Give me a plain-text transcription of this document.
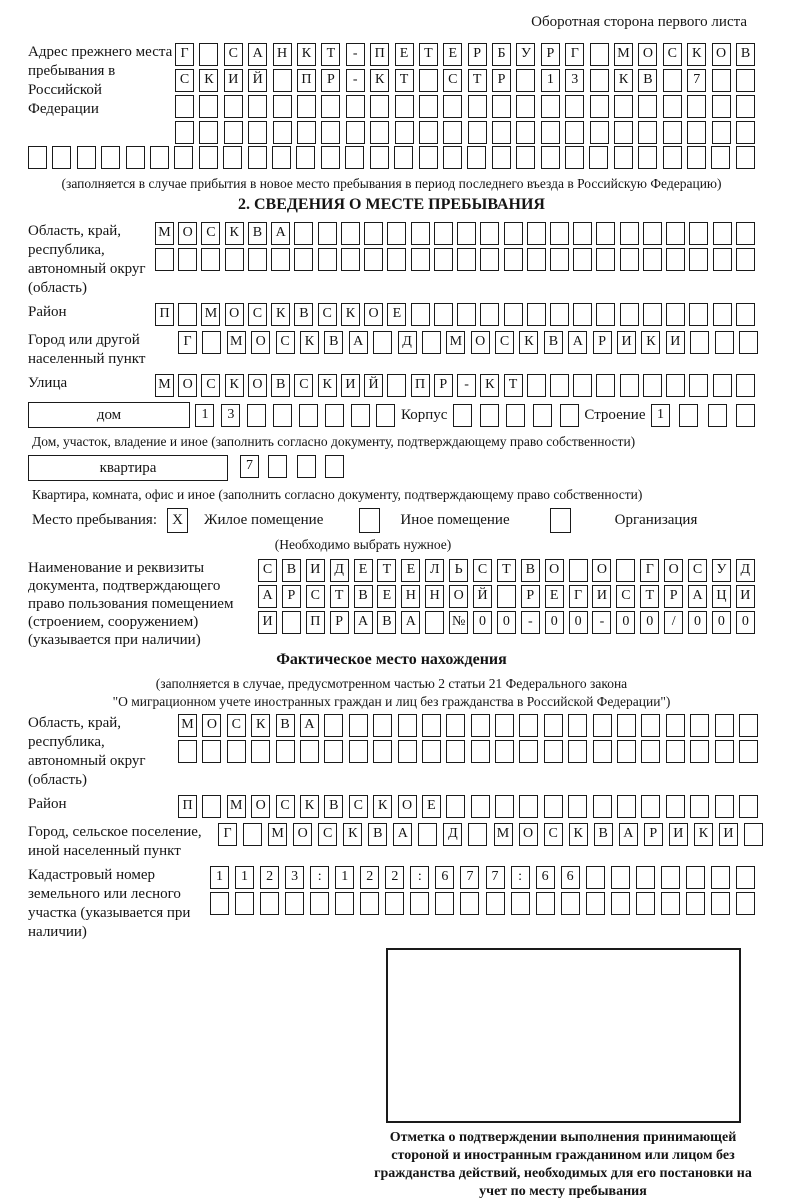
Оборотная сторона первого листа
Адрес прежнего места пребывания в Российской Федерации
Г	С	А	Н	К	Т	-	П	Е	Т	Е	Р	Б	У	Р	Г	М О	С	К	О	В
С	К	И	Й	П	Р	-	К	Т	С	Т	Р	1	3	К	В	7
(заполняется в случае прибытия в новое место пребывания в период последнего въезда в Российскую Федерацию)
2. СВЕДЕНИЯ О МЕСТЕ ПРЕБЫВАНИЯ
Область, край, республика, автономный округ (область)
М О С К В А
Район	П	М О С К В С К О Е
Город или другой населенный пункт
Г	М О	С	К	В	А	Д	М О	С	К	В	А	Р	И	К	И
Улица	М О С К О В С К И Й	П	Р	-	К	Т
дом	1	3	Корпус	Строение 1
Дом, участок, владение и иное (заполнить согласно документу, подтверждающему право собственности)
квартира	7
Квартира, комната, офис и иное (заполнить согласно документу, подтверждающему право собственности)
Место пребывания:	X	Жилое помещение	Иное помещение	Организация
(Необходимо выбрать нужное)
Наименование и реквизиты документа, подтверждающего право пользования помещением (строением, сооружением) (указывается при наличии)
С	В	И	Д	Е	Т	Е	Л	Ь	С	Т	В	О	О	Г	О	С	У	Д
А	Р	С	Т	В	Е	Н Н О Й	Р	Е	Г	И	С	Т	Р	А Ц И
И	П	Р	А	В	А	№ 0	0	-	0	0	-	0	0	/	0	0	0
Фактическое место нахождения
(заполняется в случае, предусмотренном частью 2 статьи 21 Федерального закона
"О миграционном учете иностранных граждан и лиц без гражданства в Российской Федерации")
Область, край, республика, автономный округ (область)
М О	С	К	В	А
Район	П	М О	С	К	В	С	К	О	Е
Город, сельское поселение, иной населенный пункт
Г	М О	С	К	В	А	Д	М О	С	К	В	А	Р	И	К	И
Кадастровый номер земельного или лесного участка (указывается при наличии)
1	1	2	3	:	1	2	2	:	6	7	7	:	6	6
Отметка о подтверждении выполнения принимающей стороной и иностранным гражданином или лицом без гражданства действий, необходимых для его постановки на учет по месту пребывания
